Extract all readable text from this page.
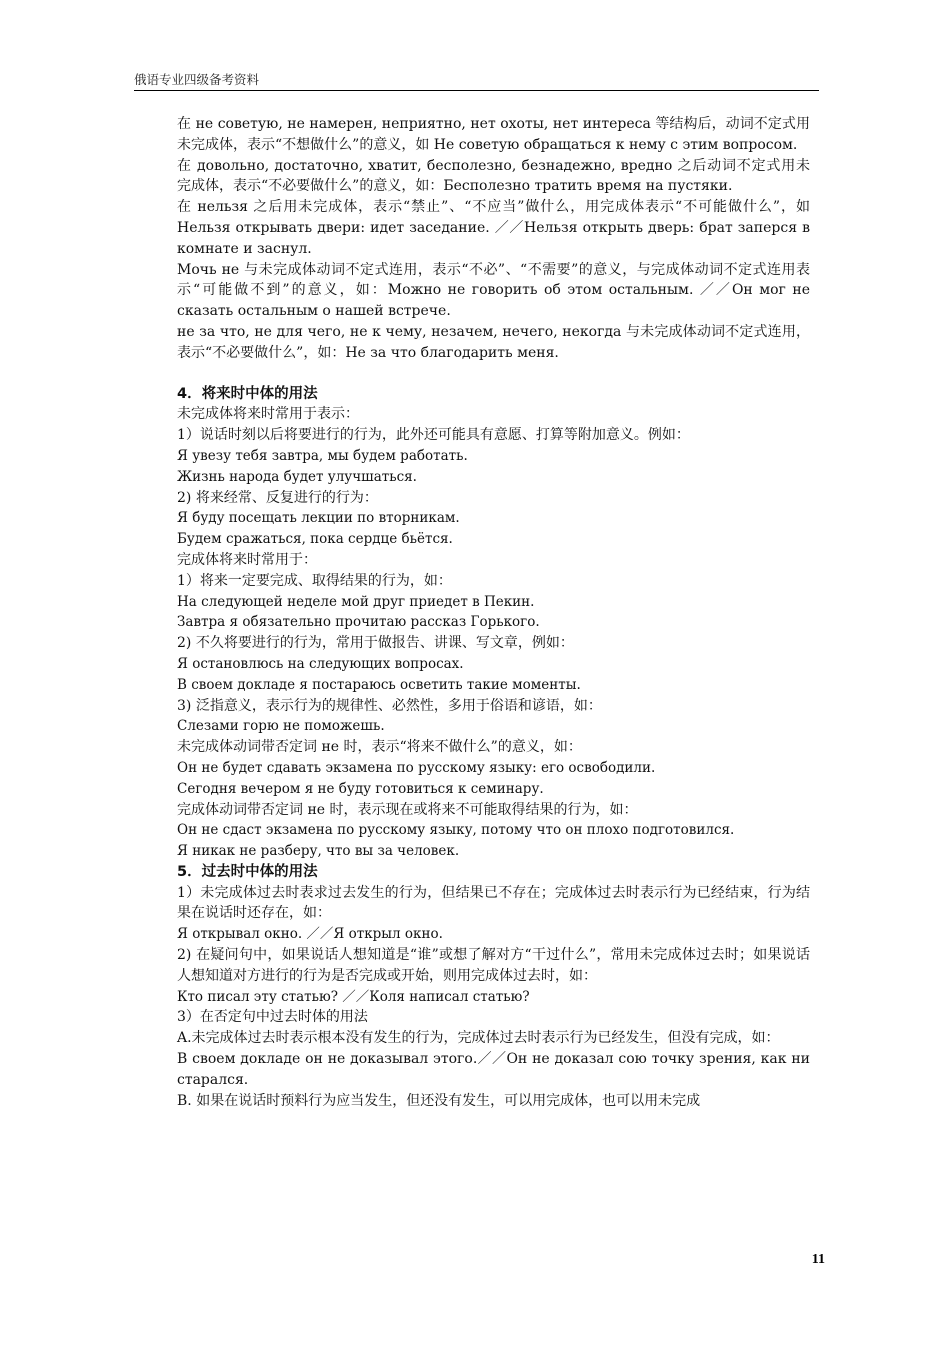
俄语专业四级备考资料

在 не советую, не намерен, неприятно, нет охоты, нет интереса 等结构后，动词不定式用未完成体，表示“不想做什么”的意义，如 Не советую обращаться к нему с этим вопросом.

在 довольно, достаточно, хватит, бесполезно, безнадежно, вредно 之后动词不定式用未完成体，表示“不必要做什么”的意义，如：Бесполезно тратить время на пустяки.

在 нельзя 之后用未完成体，表示“禁止”、“不应当”做什么，用完成体表示“不可能做什么”，如 Нельзя открывать двери: идет заседание. ／／Нельзя открыть дверь: брат заперся в комнате и заснул.

Мочь не 与未完成体动词不定式连用，表示“不必”、“不需要”的意义，与完成体动词不定式连用表示“可能做不到”的意义，如：Можно не говорить об этом остальным. ／／Он мог не сказать остальным о нашей встрече.

не за что, не для чего, не к чему, незачем, нечего, некогда 与未完成体动词不定式连用，表示“不必要做什么”，如：Не за что благодарить меня.

4．将来时中体的用法

未完成体将来时常用于表示：

1）说话时刻以后将要进行的行为，此外还可能具有意愿、打算等附加意义。例如：

Я увезу тебя завтра, мы будем работать.

Жизнь народа будет улучшаться.

2) 将来经常、反复进行的行为：

Я буду посещать лекции по вторникам.

Будем сражаться, пока сердце бьётся.

完成体将来时常用于：

1）将来一定要完成、取得结果的行为，如：

На следующей неделе мой друг приедет в Пекин.

Завтра я обязательно прочитаю рассказ Горького.

2) 不久将要进行的行为，常用于做报告、讲课、写文章，例如：

Я остановлюсь на следующих вопросах.

В своем докладе я постараюсь осветить такие моменты.

3) 泛指意义，表示行为的规律性、必然性，多用于俗语和谚语，如：

Слезами горю не поможешь.

未完成体动词带否定词 не 时，表示“将来不做什么”的意义，如：

Он не будет сдавать экзамена по русскому языку: его освободили.

Сегодня вечером я не буду готовиться к семинару.

完成体动词带否定词 не 时，表示现在或将来不可能取得结果的行为，如：

Он не сдаст экзамена по русскому языку, потому что он плохо подготовился.

Я никак не разберу, что вы за человек.

5．过去时中体的用法

1）未完成体过去时表求过去发生的行为，但结果已不存在；完成体过去时表示行为已经结束，行为结果在说话时还存在，如：

Я открывал окно. ／／Я открыл окно.

2) 在疑问句中，如果说话人想知道是“谁”或想了解对方“干过什么”，常用未完成体过去时；如果说话人想知道对方进行的行为是否完成或开始，则用完成体过去时，如：

Кто писал эту статью? ／／Коля написал статью?

3）在否定句中过去时体的用法

A.未完成体过去时表示根本没有发生的行为，完成体过去时表示行为已经发生，但没有完成，如：

В своем докладе он не доказывал этого.／／Он не доказал сою точку зрения, как ни старался.

B. 如果在说话时预料行为应当发生，但还没有发生，可以用完成体，也可以用未完成

11
